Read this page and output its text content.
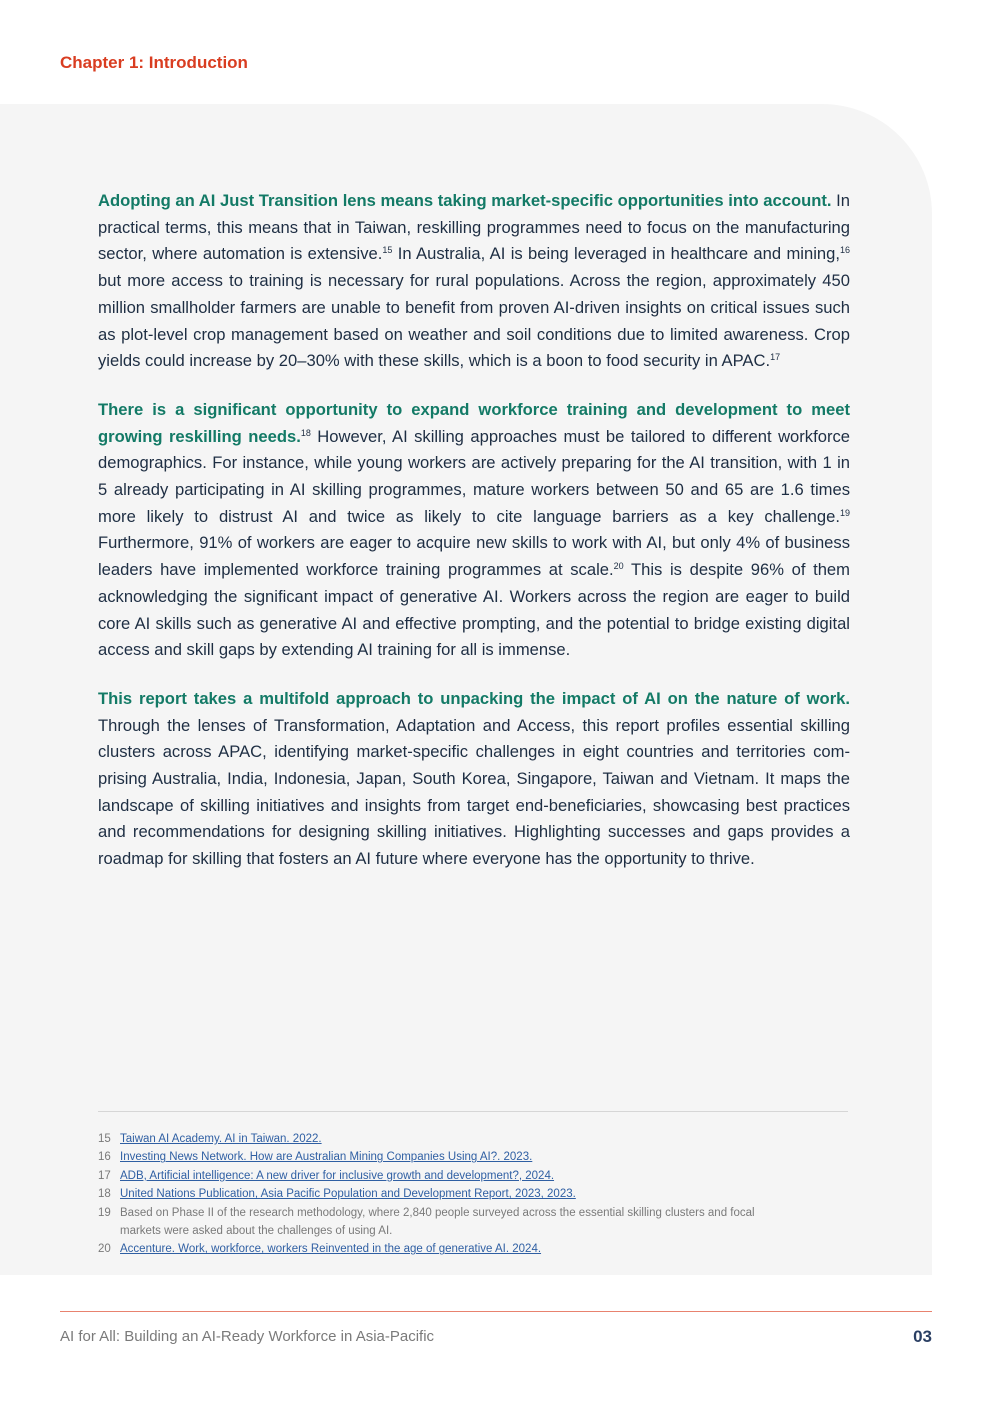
Chapter 1: Introduction

Adopting an AI Just Transition lens means taking market-specific opportunities into account. In practical terms, this means that in Taiwan, reskilling programmes need to focus on the manufacturing sector, where automation is extensive.$^{15}$ In Australia, AI is being leveraged in healthcare and mining,$^{16}$ but more access to training is necessary for rural populations. Across the region, approximately 450 million smallholder farmers are unable to benefit from proven AI-driven insights on critical issues such as plot-level crop management based on weather and soil conditions due to limited awareness. Crop yields could increase by 20–30% with these skills, which is a boon to food security in APAC.$^{17}$

There is a significant opportunity to expand workforce training and development to meet growing reskilling needs.$^{18}$ However, AI skilling approaches must be tailored to different workforce demographics. For instance, while young workers are actively preparing for the AI transition, with 1 in 5 already participating in AI skilling programmes, mature workers between 50 and 65 are 1.6 times more likely to distrust AI and twice as likely to cite language barriers as a key challenge.$^{19}$ Furthermore, 91% of workers are eager to acquire new skills to work with AI, but only 4% of business leaders have implemented workforce training programmes at scale.$^{20}$ This is despite 96% of them acknowledging the significant impact of generative AI. Workers across the region are eager to build core AI skills such as generative AI and effective prompting, and the potential to bridge existing digital access and skill gaps by extending AI training for all is immense.

This report takes a multifold approach to unpacking the impact of AI on the nature of work. Through the lenses of Transformation, Adaptation and Access, this report profiles essential skilling clusters across APAC, identifying market-specific challenges in eight countries and territories comprising Australia, India, Indonesia, Japan, South Korea, Singapore, Taiwan and Vietnam. It maps the landscape of skilling initiatives and insights from target end-beneficiaries, showcasing best practices and recommendations for designing skilling initiatives. Highlighting successes and gaps provides a roadmap for skilling that fosters an AI future where everyone has the opportunity to thrive.

15 Taiwan AI Academy. AI in Taiwan. 2022.
16 Investing News Network. How are Australian Mining Companies Using AI?. 2023.
17 ADB, Artificial intelligence: A new driver for inclusive growth and development?, 2024.
18 United Nations Publication, Asia Pacific Population and Development Report, 2023, 2023.
19 Based on Phase II of the research methodology, where 2,840 people surveyed across the essential skilling clusters and focal markets were asked about the challenges of using AI.
20 Accenture. Work, workforce, workers Reinvented in the age of generative AI. 2024.
AI for All: Building an AI-Ready Workforce in Asia-Pacific	03
